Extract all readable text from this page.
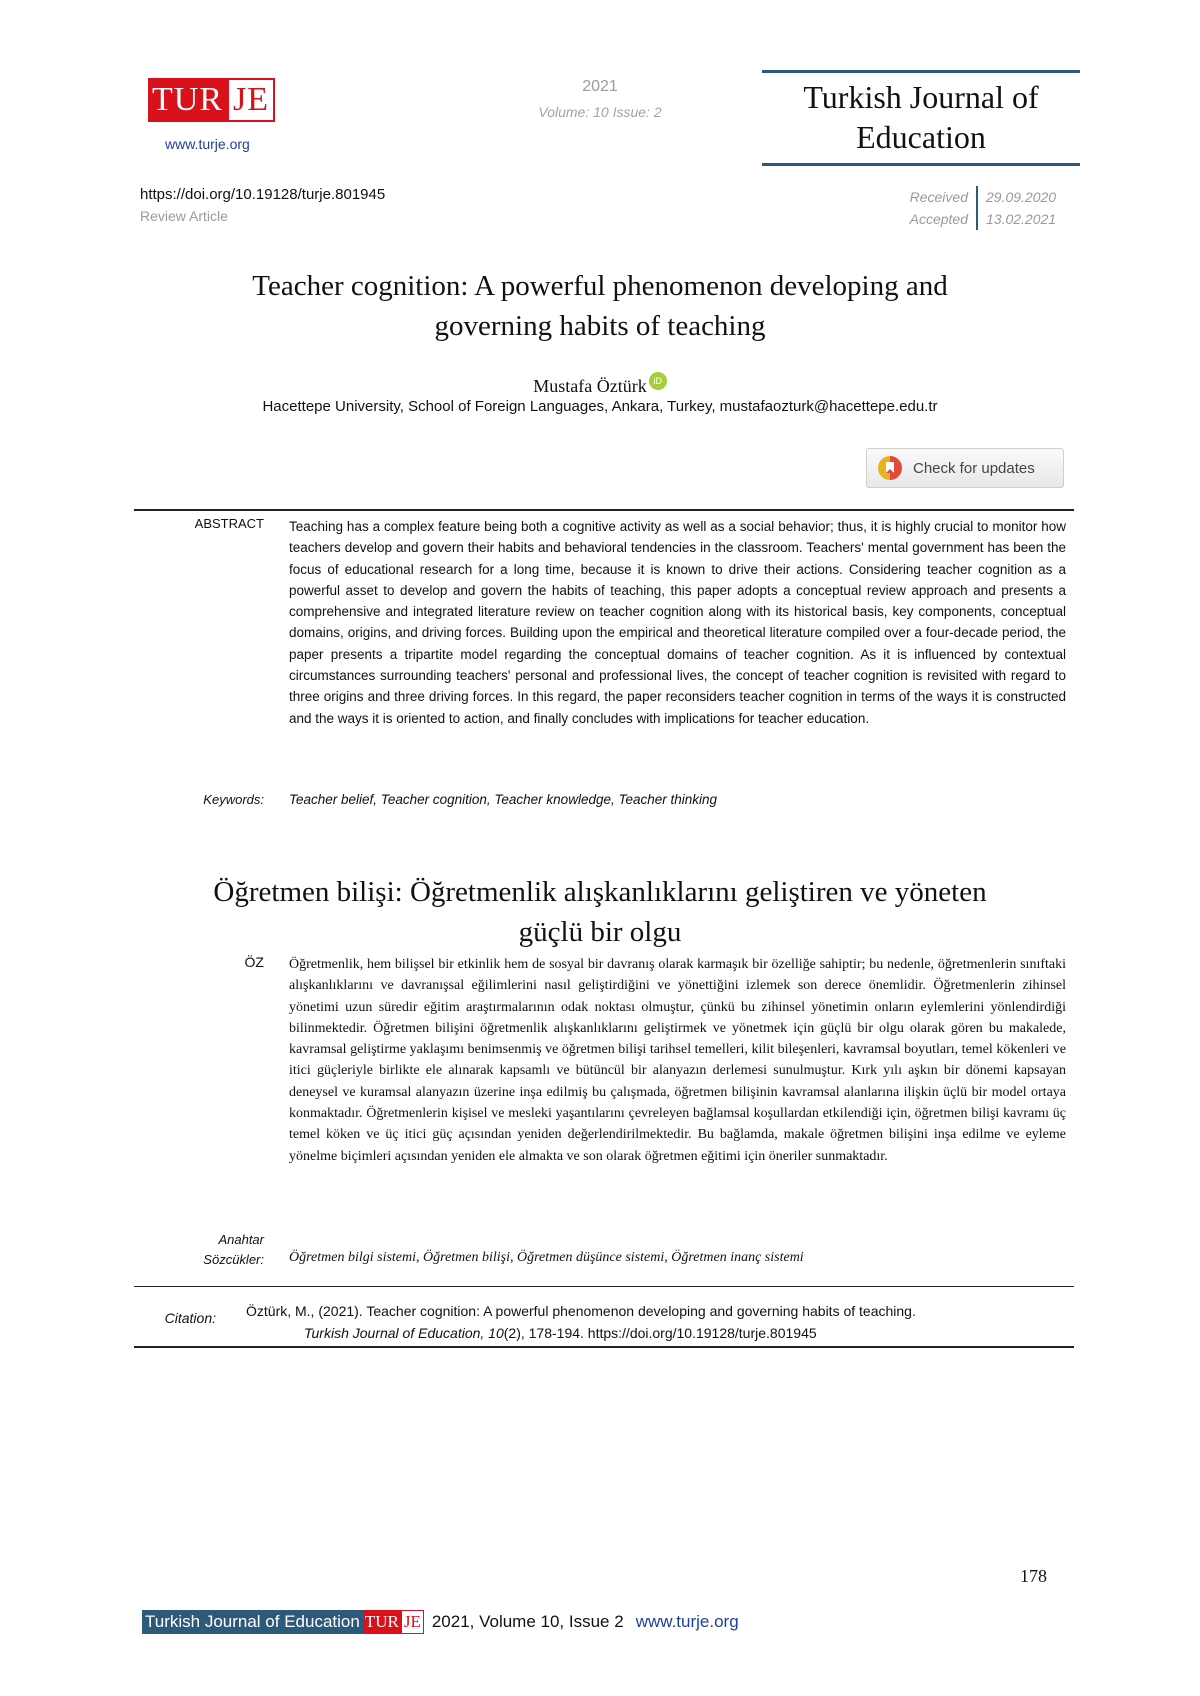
TUR JE
www.turje.org
2021
Volume: 10 Issue: 2	Turkish Journal of
Education
https://doi.org/10.19128/turje.801945
Review Article
Received	29.09.2020
Accepted	13.02.2021
Teacher cognition: A powerful phenomenon developing and
governing habits of teaching
Mustafa Öztürk iD
Hacettepe University, School of Foreign Languages, Ankara, Turkey, mustafaozturk@hacettepe.edu.tr
Check for updates
ABSTRACT Teaching has a complex feature being both a cognitive activity as well as a social behavior; thus, it is highly crucial to monitor how teachers develop and govern their habits and behavioral tendencies in the classroom. Teachers' mental government has been the focus of educational research for a long time, because it is known to drive their actions. Considering teacher cognition as a powerful asset to develop and govern the habits of teaching, this paper adopts a conceptual review approach and presents a comprehensive and integrated literature review on teacher cognition along with its historical basis, key components, conceptual domains, origins, and driving forces. Building upon the empirical and theoretical literature compiled over a four-decade period, the paper presents a tripartite model regarding the conceptual domains of teacher cognition. As it is influenced by contextual circumstances surrounding teachers' personal and professional lives, the concept of teacher cognition is revisited with regard to three origins and three driving forces. In this regard, the paper reconsiders teacher cognition in terms of the ways it is constructed and the ways it is oriented to action, and finally concludes with implications for teacher education.
Keywords: Teacher belief, Teacher cognition, Teacher knowledge, Teacher thinking
Öğretmen bilişi: Öğretmenlik alışkanlıklarını geliştiren ve yöneten
güçlü bir olgu
ÖZ Öğretmenlik, hem bilişsel bir etkinlik hem de sosyal bir davranış olarak karmaşık bir özelliğe sahiptir; bu nedenle, öğretmenlerin sınıftaki alışkanlıklarını ve davranışsal eğilimlerini nasıl geliştirdiğini ve yönettiğini izlemek son derece önemlidir. Öğretmenlerin zihinsel yönetimi uzun süredir eğitim araştırmalarının odak noktası olmuştur, çünkü bu zihinsel yönetimin onların eylemlerini yönlendirdiği bilinmektedir. Öğretmen bilişini öğretmenlik alışkanlıklarını geliştirmek ve yönetmek için güçlü bir olgu olarak gören bu makalede, kavramsal geliştirme yaklaşımı benimsenmiş ve öğretmen bilişi tarihsel temelleri, kilit bileşenleri, kavramsal boyutları, temel kökenleri ve itici güçleriyle birlikte ele alınarak kapsamlı ve bütüncül bir alanyazın derlemesi sunulmuştur. Kırk yılı aşkın bir dönemi kapsayan deneysel ve kuramsal alanyazın üzerine inşa edilmiş bu çalışmada, öğretmen bilişinin kavramsal alanlarına ilişkin üçlü bir model ortaya konmaktadır. Öğretmenlerin kişisel ve mesleki yaşantılarını çevreleyen bağlamsal koşullardan etkilendiği için, öğretmen bilişi kavramı üç temel köken ve üç itici güç açısından yeniden değerlendirilmektedir. Bu bağlamda, makale öğretmen bilişini inşa edilme ve eyleme yönelme biçimleri açısından yeniden ele almakta ve son olarak öğretmen eğitimi için öneriler sunmaktadır.
Anahtar
Sözcükler: Öğretmen bilgi sistemi, Öğretmen bilişi, Öğretmen düşünce sistemi, Öğretmen inanç sistemi
Citation: Öztürk, M., (2021). Teacher cognition: A powerful phenomenon developing and governing habits of teaching.
Turkish Journal of Education, 10(2), 178-194. https://doi.org/10.19128/turje.801945
178
Turkish Journal of Education TUR JE 2021, Volume 10, Issue 2 www.turje.org
